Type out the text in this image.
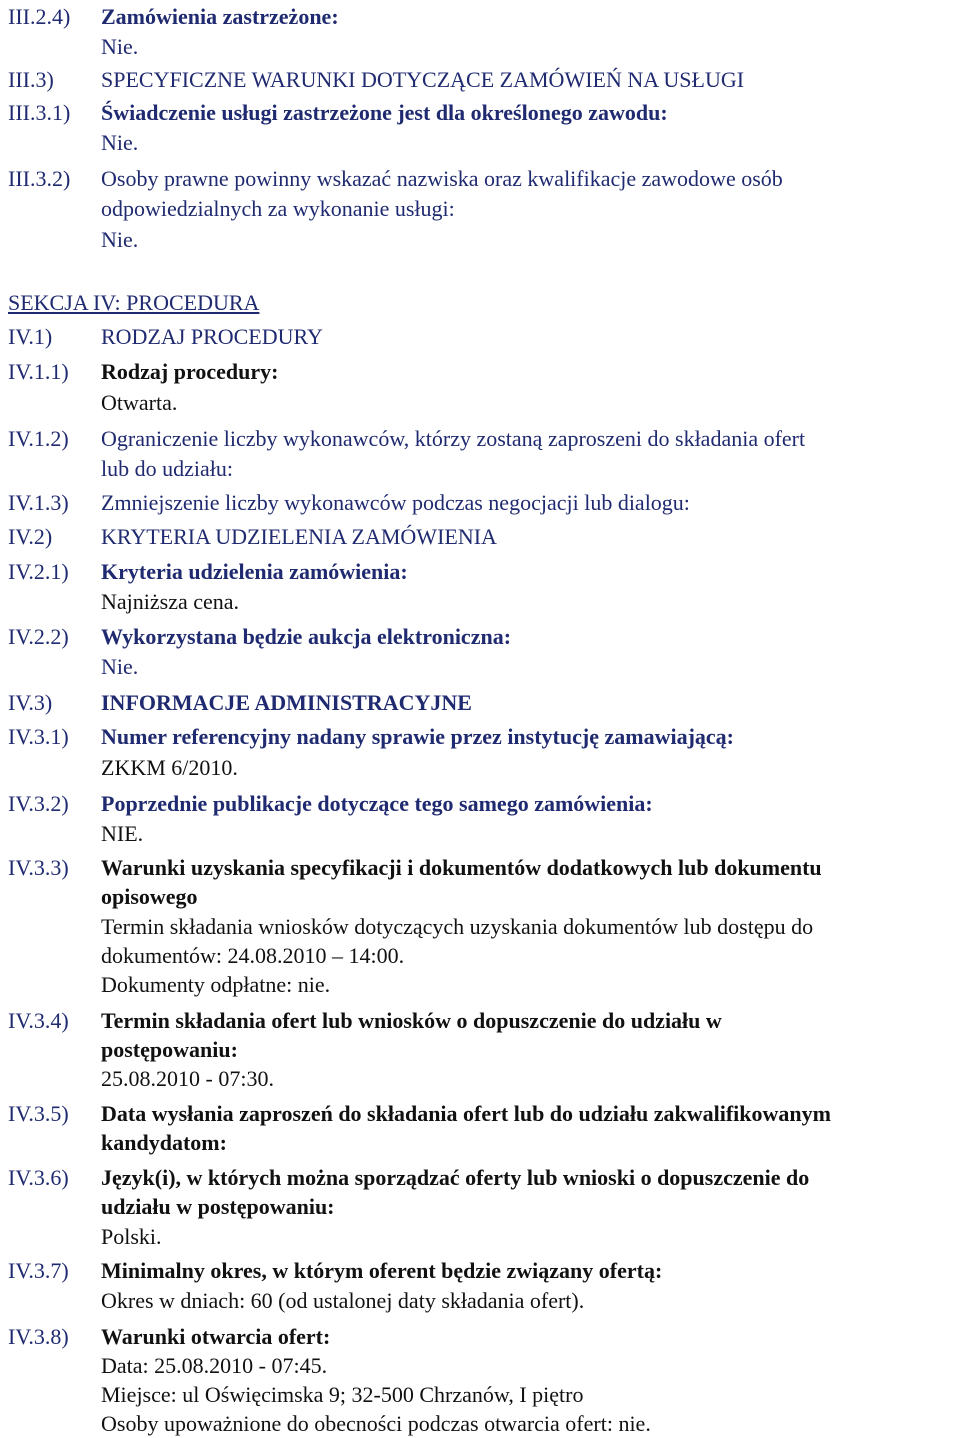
III.2.4) Zamówienia zastrzeżone:
Nie.
III.3) SPECYFICZNE WARUNKI DOTYCZĄCE ZAMÓWIEŃ NA USŁUGI
III.3.1) Świadczenie usługi zastrzeżone jest dla określonego zawodu:
Nie.
III.3.2) Osoby prawne powinny wskazać nazwiska oraz kwalifikacje zawodowe osób
odpowiedzialnych za wykonanie usługi:
Nie.
SEKCJA IV: PROCEDURA
IV.1) RODZAJ PROCEDURY
IV.1.1) Rodzaj procedury:
Otwarta.
IV.1.2) Ograniczenie liczby wykonawców, którzy zostaną zaproszeni do składania ofert
lub do udziału:
IV.1.3) Zmniejszenie liczby wykonawców podczas negocjacji lub dialogu:
IV.2) KRYTERIA UDZIELENIA ZAMÓWIENIA
IV.2.1) Kryteria udzielenia zamówienia:
Najniższa cena.
IV.2.2) Wykorzystana będzie aukcja elektroniczna:
Nie.
IV.3) INFORMACJE ADMINISTRACYJNE
IV.3.1) Numer referencyjny nadany sprawie przez instytucję zamawiającą:
ZKKM 6/2010.
IV.3.2) Poprzednie publikacje dotyczące tego samego zamówienia:
NIE.
IV.3.3) Warunki uzyskania specyfikacji i dokumentów dodatkowych lub dokumentu
opisowego
Termin składania wniosków dotyczących uzyskania dokumentów lub dostępu do
dokumentów: 24.08.2010 – 14:00.
Dokumenty odpłatne: nie.
IV.3.4) Termin składania ofert lub wniosków o dopuszczenie do udziału w
postępowaniu:
25.08.2010 - 07:30.
IV.3.5) Data wysłania zaproszeń do składania ofert lub do udziału zakwalifikowanym
kandydatom:
IV.3.6) Język(i), w których można sporządzać oferty lub wnioski o dopuszczenie do
udziału w postępowaniu:
Polski.
IV.3.7) Minimalny okres, w którym oferent będzie związany ofertą:
Okres w dniach: 60 (od ustalonej daty składania ofert).
IV.3.8) Warunki otwarcia ofert:
Data: 25.08.2010 - 07:45.
Miejsce: ul Oświęcimska 9; 32-500 Chrzanów, I piętro
Osoby upoważnione do obecności podczas otwarcia ofert: nie.
